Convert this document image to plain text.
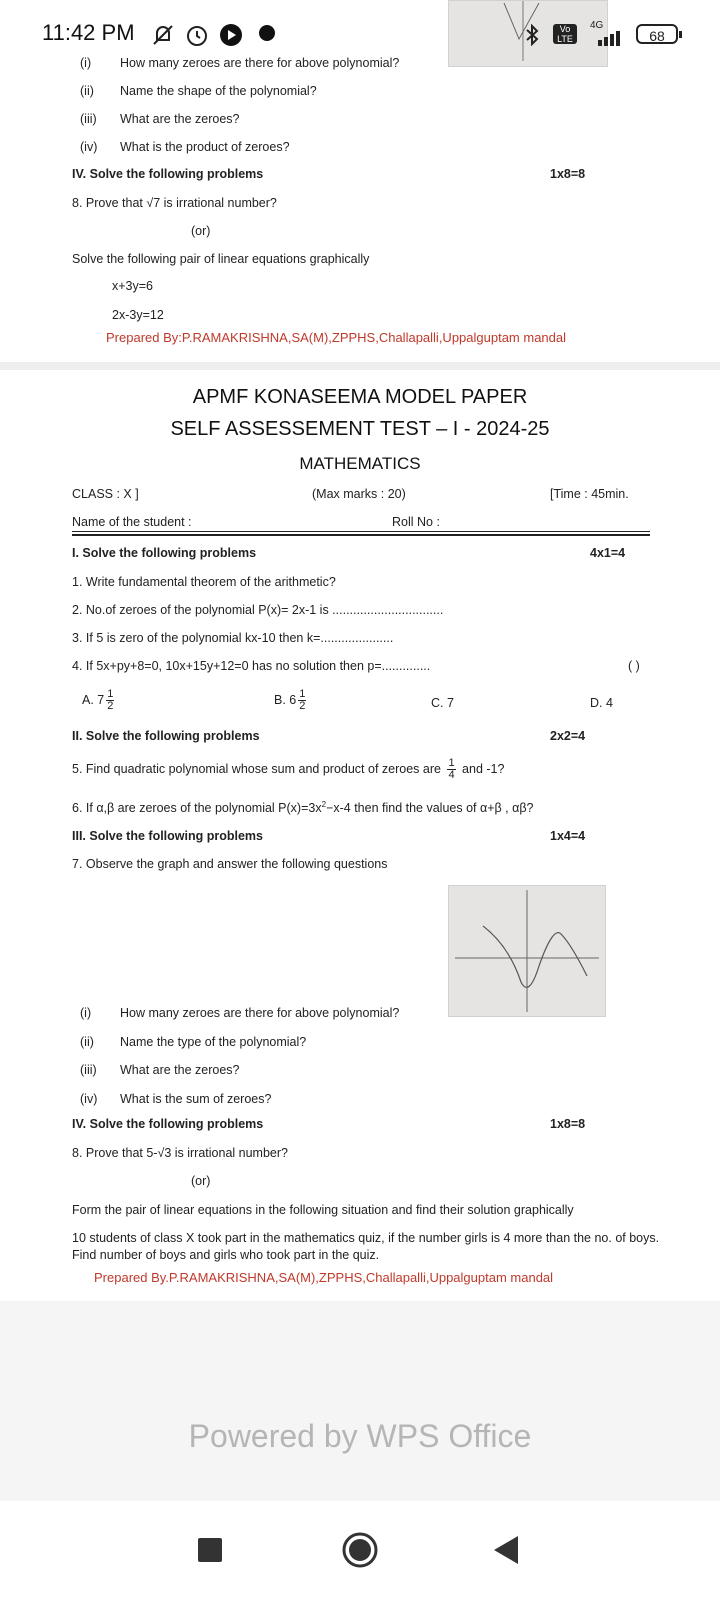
11:42 PM	Vo LTE
4G
68
(i) How many zeroes are there for above polynomial?
(ii) Name the shape of the polynomial?
(iii) What are the zeroes?
(iv) What is the product of zeroes?
IV. Solve the following problems	1x8=8
8. Prove that √7 is irrational number?
(or)
Solve the following pair of linear equations graphically
x+3y=6
2x-3y=12
Prepared By:P.RAMAKRISHNA,SA(M),ZPPHS,Challapalli,Uppalguptam mandal
APMF KONASEEMA MODEL PAPER
SELF ASSESSEMENT TEST – I - 2024-25
MATHEMATICS
CLASS : X ]	(Max marks : 20)	[Time : 45min.
Name of the student :	Roll No :
I. Solve the following problems	4x1=4
1. Write fundamental theorem of the arithmetic?
2. No.of zeroes of the polynomial P(x)= 2x-1 is ................................
3. If 5 is zero of the polynomial kx-10 then k=.....................
4. If 5x+py+8=0, 10x+15y+12=0 has no solution then p=..............	( )
A. $7 \frac{1}{2}$	B. $6 \frac{1}{2}$	C. 7	D. 4
II. Solve the following problems	2x2=4
5. Find quadratic polynomial whose sum and product of zeroes are $\frac{1}{4}$ and -1?
6. If α,β are zeroes of the polynomial $P(x)=3x^2-x-4$ then find the values of α+β , αβ?
III. Solve the following problems	1x4=4
7. Observe the graph and answer the following questions
(i) How many zeroes are there for above polynomial?
(ii) Name the type of the polynomial?
(iii) What are the zeroes?
(iv) What is the sum of zeroes?
IV. Solve the following problems	1x8=8
8. Prove that 5-√3 is irrational number?
(or)
Form the pair of linear equations in the following situation and find their solution graphically
10 students of class X took part in the mathematics quiz, if the number girls is 4 more than the no. of boys.
Find number of boys and girls who took part in the quiz.
Prepared By.P.RAMAKRISHNA,SA(M),ZPPHS,Challapalli,Uppalguptam mandal
Powered by WPS Office
